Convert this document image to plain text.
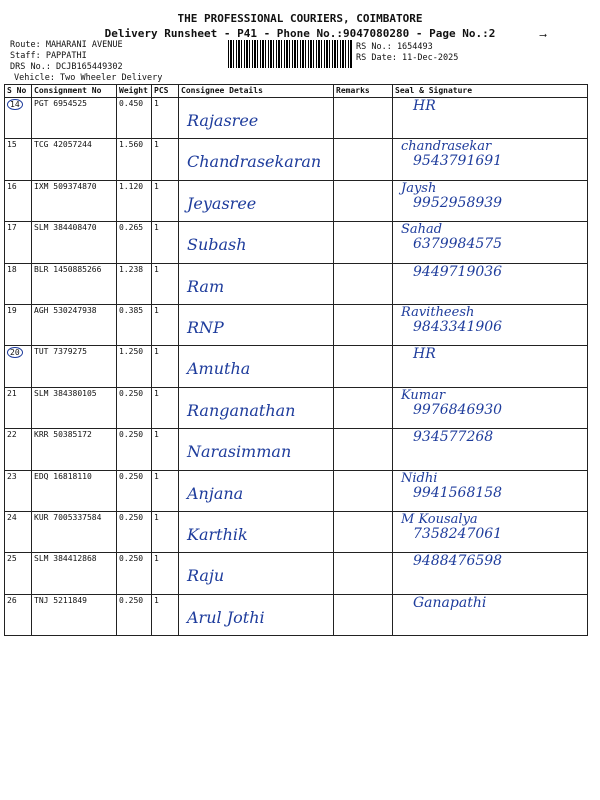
THE PROFESSIONAL COURIERS, COIMBATORE
Delivery Runsheet - P41 - Phone No.:9047080280 - Page No.:2	⟶
Route: MAHARANI AVENUE
Staff: PAPPATHI
DRS No.: DCJB165449302
Vehicle: Two Wheeler Delivery
RS No.: 1654493
RS Date: 11-Dec-2025
S No	Consignment No	Weight	PCS	Consignee Details	Remarks	Seal & Signature
14	PGT 6954525	0.450	1	Rajasree		HR

15	TCG 42057244	1.560	1	Chandrasekaran		chandrasekar
9543791691

16	IXM 509374870	1.120	1	Jeyasree		Jaysh
9952958939

17	SLM 384408470	0.265	1	Subash		Sahad
6379984575

18	BLR 1450885266	1.238	1	Ram		9449719036

19	AGH 530247938	0.385	1	RNP		Ravitheesh
9843341906

20	TUT 7379275	1.250	1	Amutha		HR

21	SLM 384380105	0.250	1	Ranganathan		Kumar
9976846930

22	KRR 50385172	0.250	1	Narasimman		934577268

23	EDQ 16818110	0.250	1	Anjana		Nidhi
9941568158

24	KUR 7005337584	0.250	1	Karthik		M Kousalya
7358247061

25	SLM 384412868	0.250	1	Raju		9488476598

26	TNJ 5211849	0.250	1	Arul Jothi		Ganapathi
